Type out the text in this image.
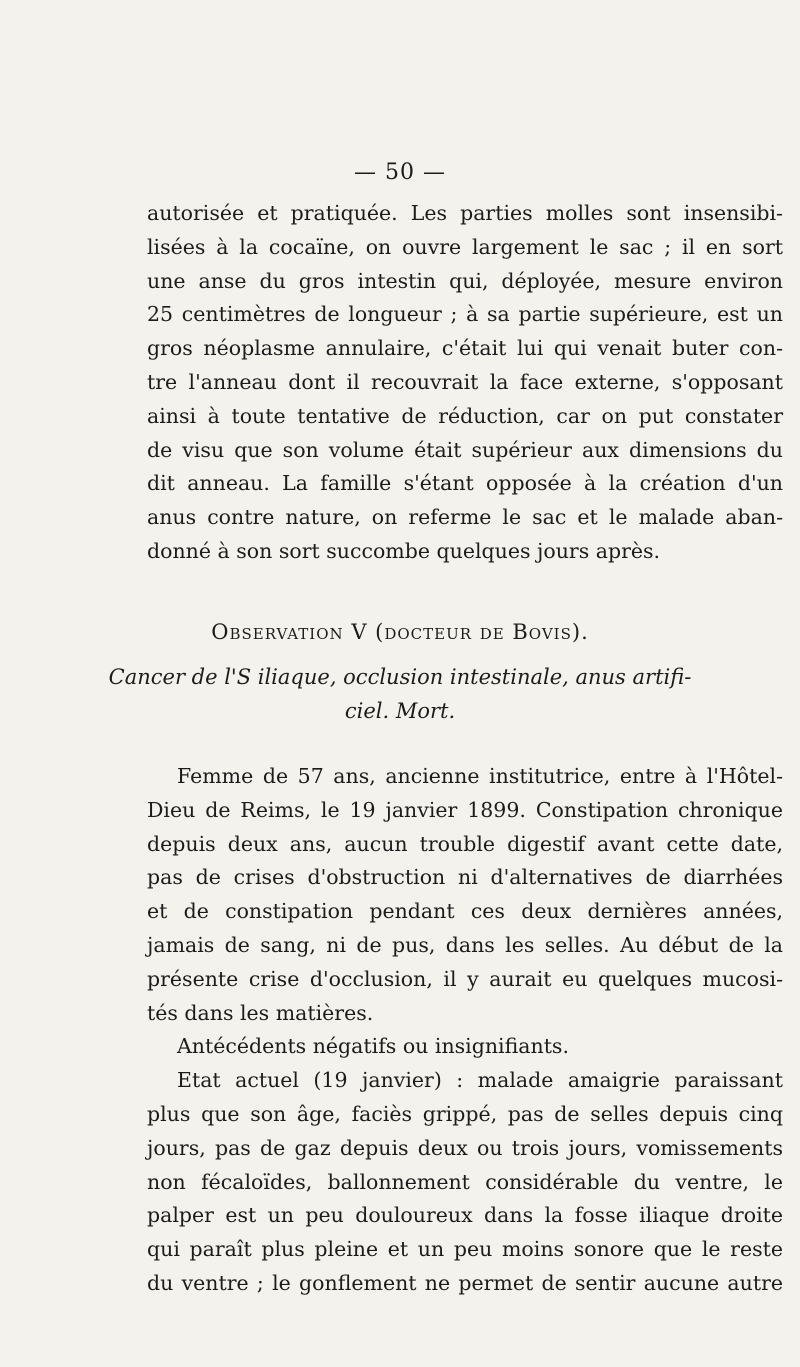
— 50 —

autorisée et pratiquée. Les parties molles sont insensibi-
lisées à la cocaïne, on ouvre largement le sac ; il en sort
une anse du gros intestin qui, déployée, mesure environ
25 centimètres de longueur ; à sa partie supérieure, est un
gros néoplasme annulaire, c'était lui qui venait buter con-
tre l'anneau dont il recouvrait la face externe, s'opposant
ainsi à toute tentative de réduction, car on put constater
de visu que son volume était supérieur aux dimensions du
dit anneau. La famille s'étant opposée à la création d'un
anus contre nature, on referme le sac et le malade aban-
donné à son sort succombe quelques jours après.

Observation V (docteur de Bovis).
Cancer de l'S iliaque, occlusion intestinale, anus artifi-
ciel. Mort.

Femme de 57 ans, ancienne institutrice, entre à l'Hôtel-
Dieu de Reims, le 19 janvier 1899. Constipation chronique
depuis deux ans, aucun trouble digestif avant cette date,
pas de crises d'obstruction ni d'alternatives de diarrhées
et de constipation pendant ces deux dernières années,
jamais de sang, ni de pus, dans les selles. Au début de la
présente crise d'occlusion, il y aurait eu quelques mucosi-
tés dans les matières.
Antécédents négatifs ou insignifiants.
Etat actuel (19 janvier) : malade amaigrie paraissant
plus que son âge, faciès grippé, pas de selles depuis cinq
jours, pas de gaz depuis deux ou trois jours, vomissements
non fécaloïdes, ballonnement considérable du ventre, le
palper est un peu douloureux dans la fosse iliaque droite
qui paraît plus pleine et un peu moins sonore que le reste
du ventre ; le gonflement ne permet de sentir aucune autre
